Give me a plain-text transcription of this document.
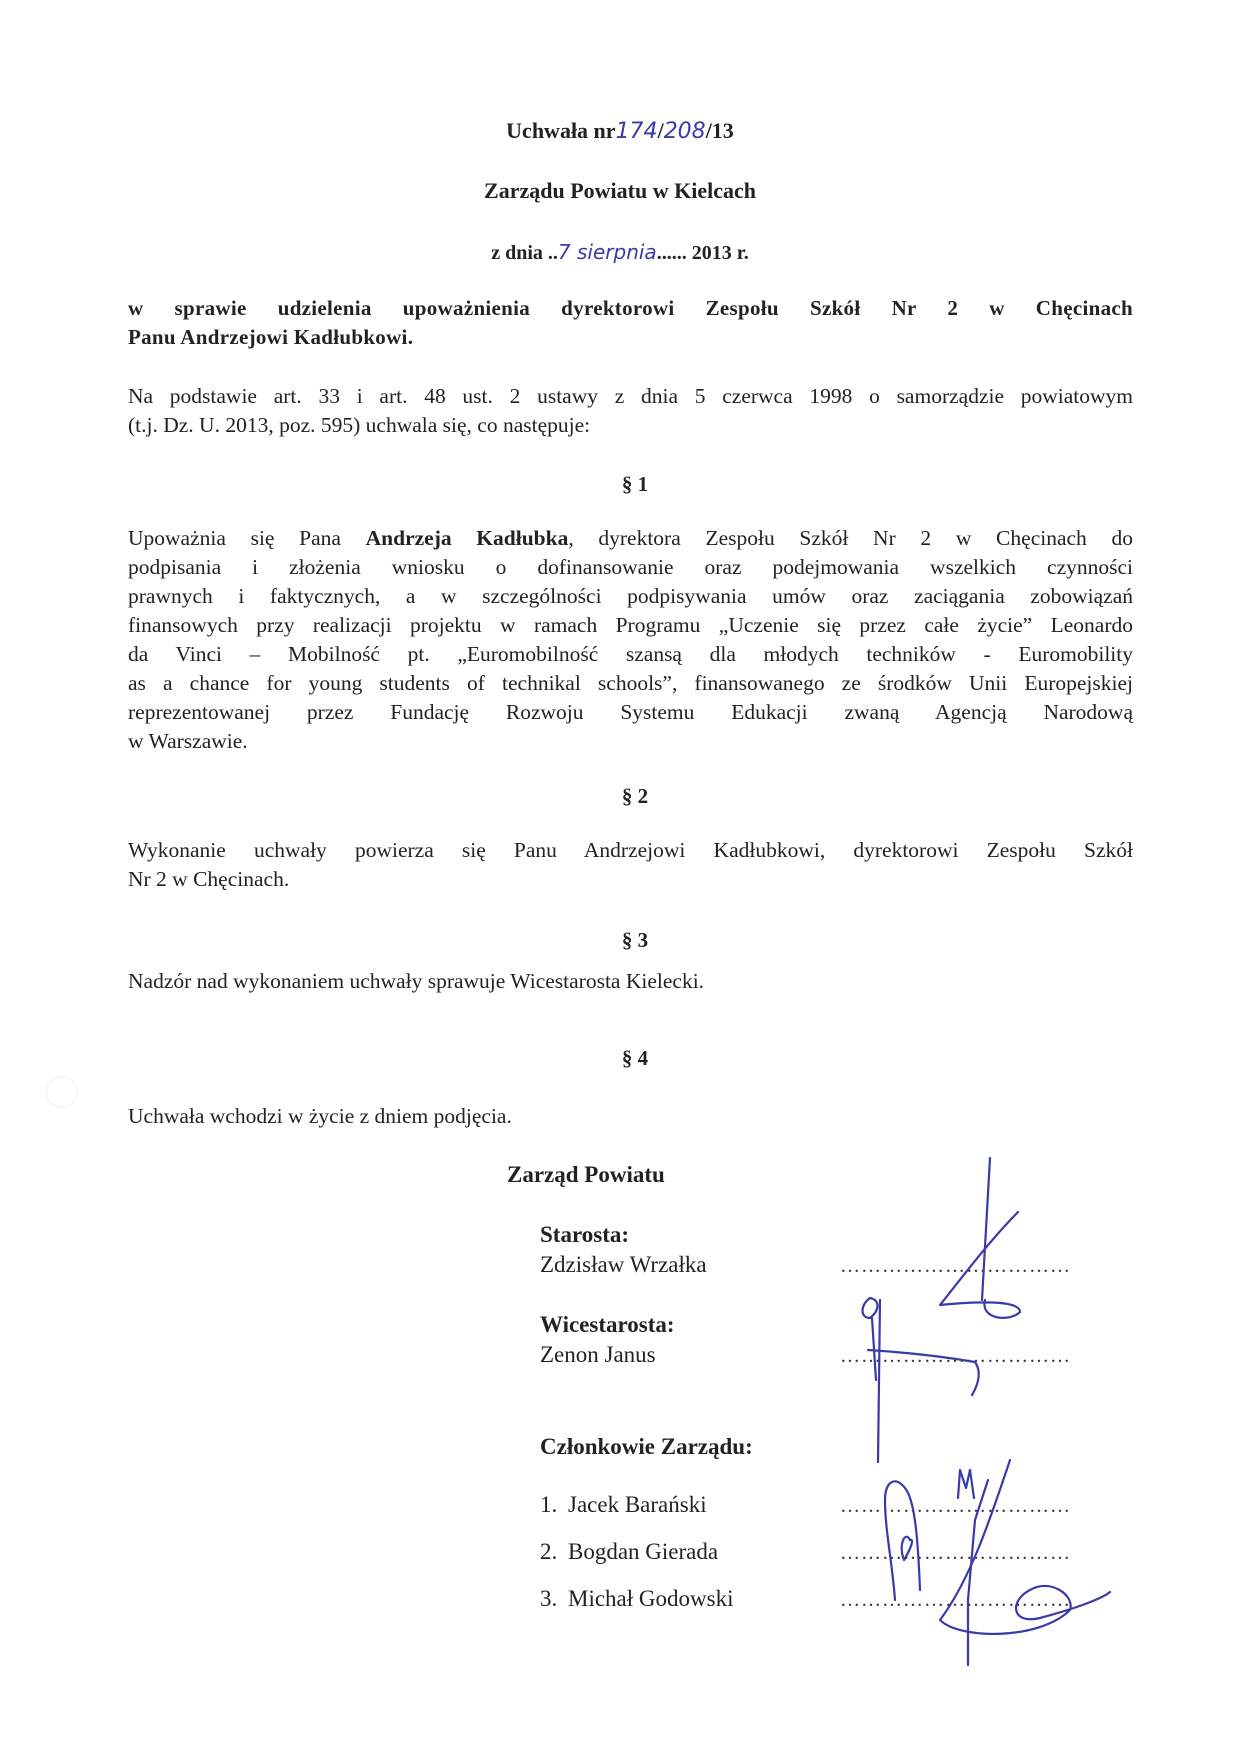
Uchwała nr174/208/13
Zarządu Powiatu w Kielcach
z dnia ..7 sierpnia...... 2013 r.
w sprawie udzielenia upoważnienia dyrektorowi Zespołu Szkół Nr 2 w Chęcinach
Panu Andrzejowi Kadłubkowi.
Na podstawie art. 33 i art. 48 ust. 2 ustawy z dnia 5 czerwca 1998 o samorządzie powiatowym
(t.j. Dz. U. 2013, poz. 595) uchwala się, co następuje:
§ 1
Upoważnia się Pana Andrzeja Kadłubka, dyrektora Zespołu Szkół Nr 2 w Chęcinach do
podpisania i złożenia wniosku o dofinansowanie oraz podejmowania wszelkich czynności
prawnych i faktycznych, a w szczególności podpisywania umów oraz zaciągania zobowiązań
finansowych przy realizacji projektu w ramach Programu „Uczenie się przez całe życie” Leonardo
da Vinci – Mobilność pt. „Euromobilność szansą dla młodych techników - Euromobility
as a chance for young students of technikal schools”, finansowanego ze środków Unii Europejskiej
reprezentowanej przez Fundację Rozwoju Systemu Edukacji zwaną Agencją Narodową
w Warszawie.
§ 2
Wykonanie uchwały powierza się Panu Andrzejowi Kadłubkowi, dyrektorowi Zespołu Szkół
Nr 2 w Chęcinach.
§ 3
Nadzór nad wykonaniem uchwały sprawuje Wicestarosta Kielecki.
§ 4
Uchwała wchodzi w życie z dniem podjęcia.
Zarząd Powiatu
Starosta:
Zdzisław Wrzałka	……………………………
Wicestarosta:
Zenon Janus	……………………………
Członkowie Zarządu:
1. Jacek Barański	……………………………
2. Bogdan Gierada	……………………………
3. Michał Godowski	……………………………
